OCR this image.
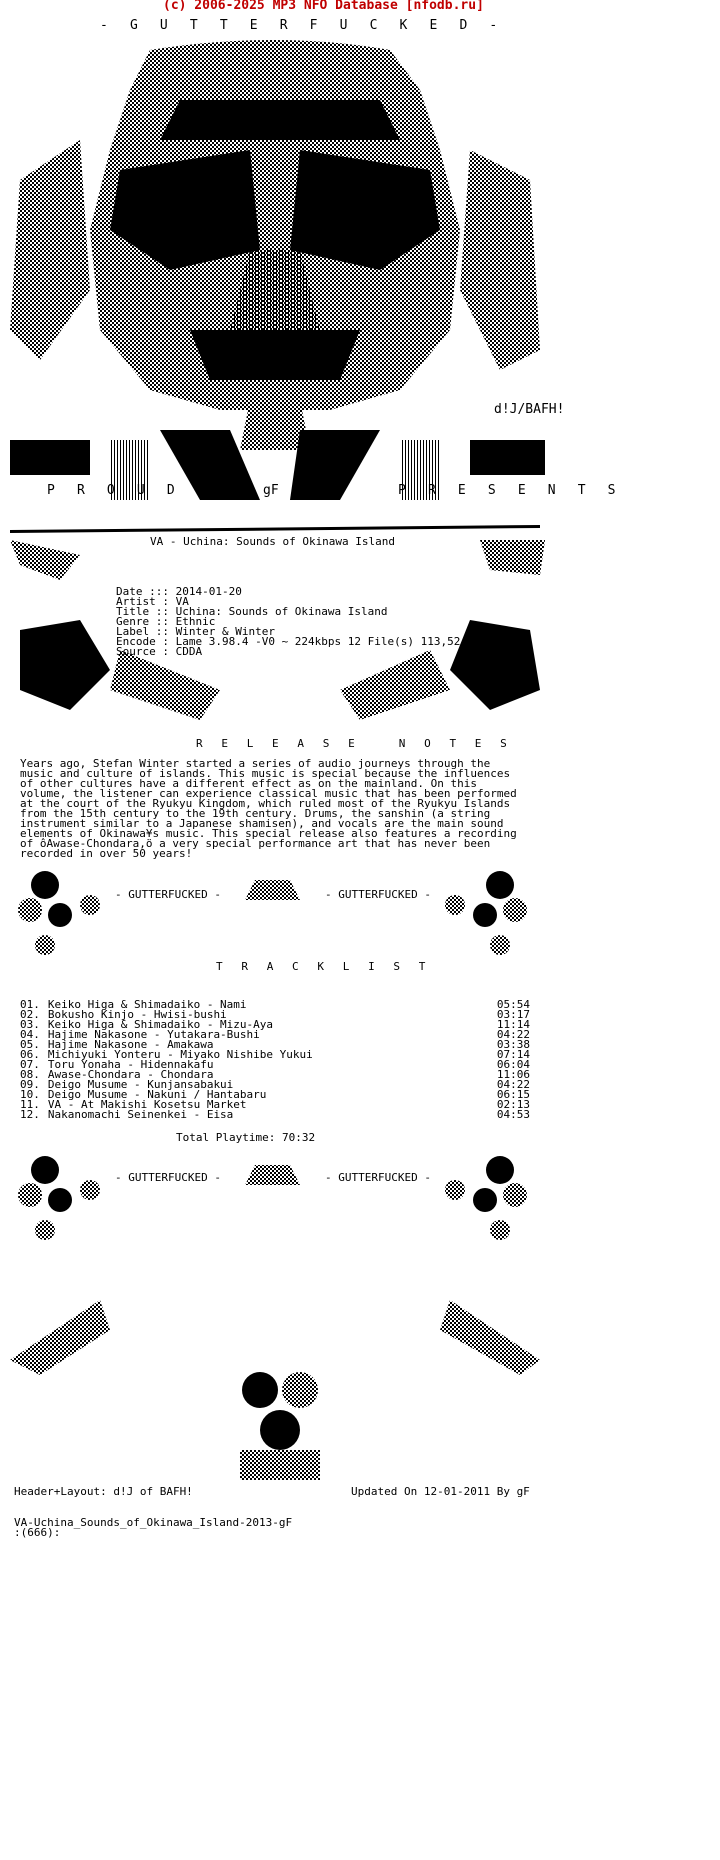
(c) 2006-2025 MP3 NFO Database [nfodb.ru]
- G U T T E R F U C K E D -
d!J/BAFH!
P R O U D L Y gF	P R E S E N T S
VA - Uchina: Sounds of Okinawa Island
Date ::: 2014-01-20
Artist : VA
Title :: Uchina: Sounds of Okinawa Island
Genre :: Ethnic
Label :: Winter & Winter
Encode : Lame 3.98.4 -V0 ~ 224kbps 12 File(s) 113,52 MB
Source : CDDA
R E L E A S E   N O T E S
Years ago, Stefan Winter started a series of audio journeys through the
music and culture of islands. This music is special because the influences
of other cultures have a different effect as on the mainland. On this
volume, the listener can experience classical music that has been performed
at the court of the Ryukyu Kingdom, which ruled most of the Ryukyu Islands
from the 15th century to the 19th century. Drums, the sanshin (a string
instrument similar to a Japanese shamisen), and vocals are the main sound
elements of Okinawa¥s music. This special release also features a recording
of ôAwase-Chondara,ö a very special performance art that has never been
recorded in over 50 years!
- GUTTERFUCKED -	- GUTTERFUCKED -
T R A C K L I S T
01. Keiko Higa & Shimadaiko - Nami	05:54
02. Bokusho Kinjo - Hwisi-bushi	03:17
03. Keiko Higa & Shimadaiko - Mizu-Aya	11:14
04. Hajime Nakasone - Yutakara-Bushi	04:22
05. Hajime Nakasone - Amakawa	03:38
06. Michiyuki Yonteru - Miyako Nishibe Yukui	07:14
07. Toru Yonaha - Hidennakafu	06:04
08. Awase-Chondara - Chondara	11:06
09. Deigo Musume - Kunjansabakui	04:22
10. Deigo Musume - Nakuni / Hantabaru	06:15
11. VA - At Makishi Kosetsu Market	02:13
12. Nakanomachi Seinenkei - Eisa	04:53
Total Playtime: 70:32
- GUTTERFUCKED -	- GUTTERFUCKED -
Header+Layout: d!J of BAFH!	Updated On 12-01-2011 By gF
VA-Uchina_Sounds_of_Okinawa_Island-2013-gF
:(666):
